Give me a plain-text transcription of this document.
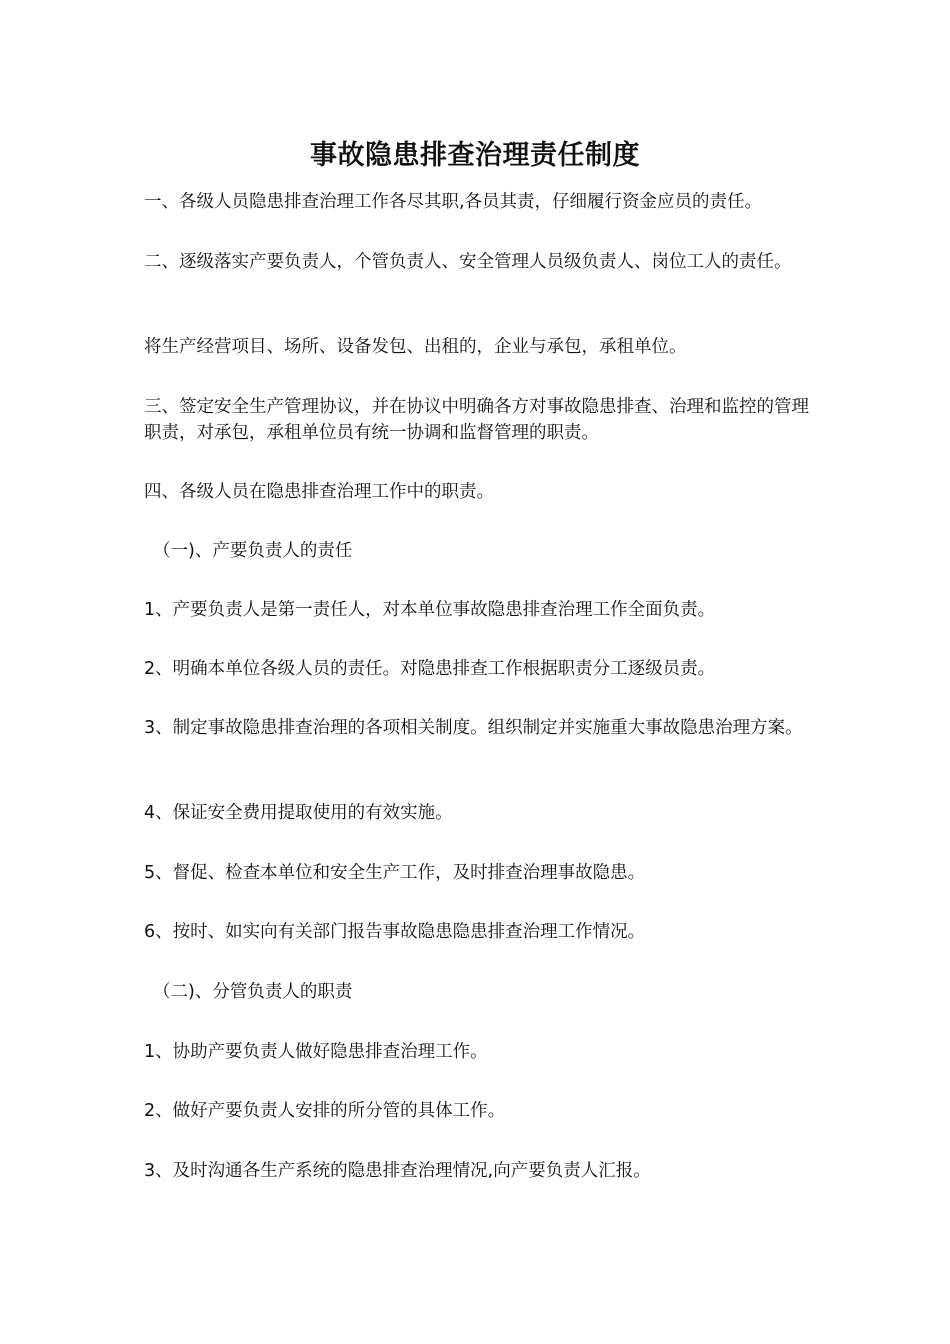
事故隐患排查治理责任制度

一、各级人员隐患排查治理工作各尽其职,各员其责，仔细履行资金应员的责任。

二、逐级落实产要负责人，个管负责人、安全管理人员级负责人、岗位工人的责任。

将生产经营项目、场所、设备发包、出租的，企业与承包，承租单位。

三、签定安全生产管理协议，并在协议中明确各方对事故隐患排查、治理和监控的管理职责，对承包，承租单位员有统一协调和监督管理的职责。

四、各级人员在隐患排查治理工作中的职责。

（一)、产要负责人的责任

1、产要负责人是第一责任人，对本单位事故隐患排查治理工作全面负责。

2、明确本单位各级人员的责任。对隐患排查工作根据职责分工逐级员责。

3、制定事故隐患排查治理的各项相关制度。组织制定并实施重大事故隐患治理方案。

4、保证安全费用提取使用的有效实施。

5、督促、检查本单位和安全生产工作，及时排查治理事故隐患。

6、按时、如实向有关部门报告事故隐患隐患排查治理工作情况。

（二)、分管负责人的职责

1、协助产要负责人做好隐患排查治理工作。

2、做好产要负责人安排的所分管的具体工作。

3、及时沟通各生产系统的隐患排查治理情况,向产要负责人汇报。
